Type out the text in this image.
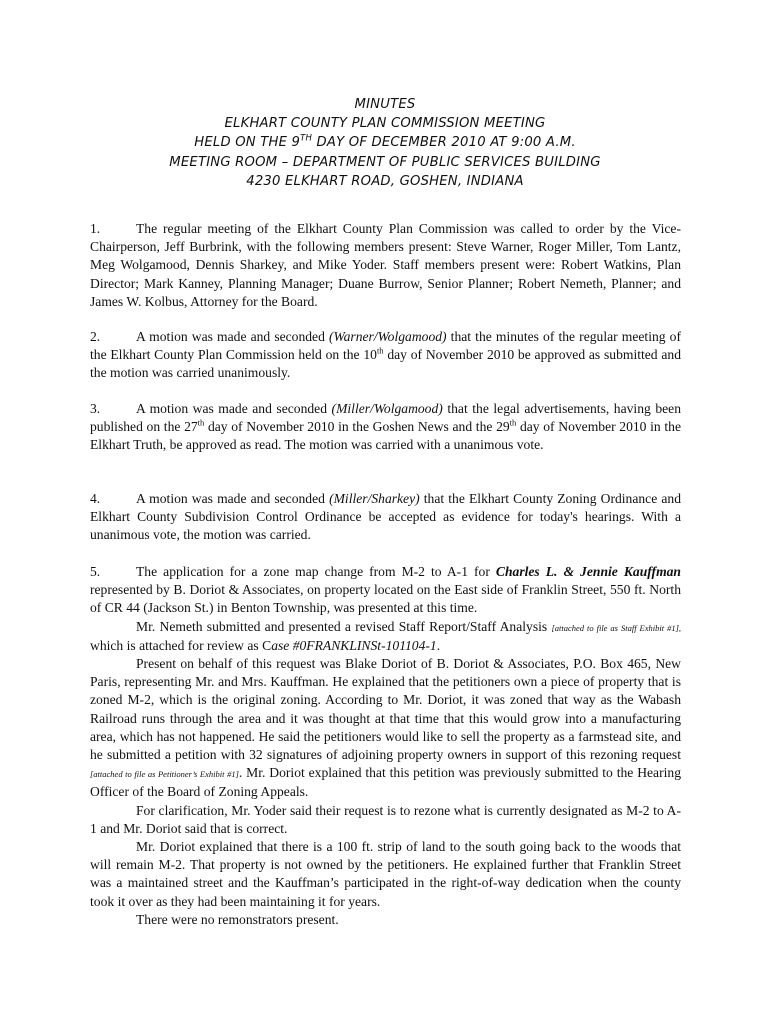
MINUTES
ELKHART COUNTY PLAN COMMISSION MEETING
HELD ON THE 9TH DAY OF DECEMBER 2010 AT 9:00 A.M.
MEETING ROOM – DEPARTMENT OF PUBLIC SERVICES BUILDING
4230 ELKHART ROAD, GOSHEN, INDIANA

1.	The regular meeting of the Elkhart County Plan Commission was called to order by the Vice-Chairperson, Jeff Burbrink, with the following members present: Steve Warner, Roger Miller, Tom Lantz, Meg Wolgamood, Dennis Sharkey, and Mike Yoder. Staff members present were: Robert Watkins, Plan Director; Mark Kanney, Planning Manager; Duane Burrow, Senior Planner; Robert Nemeth, Planner; and James W. Kolbus, Attorney for the Board.

2.	A motion was made and seconded (Warner/Wolgamood) that the minutes of the regular meeting of the Elkhart County Plan Commission held on the 10th day of November 2010 be approved as submitted and the motion was carried unanimously.

3.	A motion was made and seconded (Miller/Wolgamood) that the legal advertisements, having been published on the 27th day of November 2010 in the Goshen News and the 29th day of November 2010 in the Elkhart Truth, be approved as read. The motion was carried with a unanimous vote.

4.	A motion was made and seconded (Miller/Sharkey) that the Elkhart County Zoning Ordinance and Elkhart County Subdivision Control Ordinance be accepted as evidence for today's hearings. With a unanimous vote, the motion was carried.

5.	The application for a zone map change from M-2 to A-1 for Charles L. & Jennie Kauffman represented by B. Doriot & Associates, on property located on the East side of Franklin Street, 550 ft. North of CR 44 (Jackson St.) in Benton Township, was presented at this time.

Mr. Nemeth submitted and presented a revised Staff Report/Staff Analysis [attached to file as Staff Exhibit #1], which is attached for review as Case #0FRANKLINSt-101104-1.

Present on behalf of this request was Blake Doriot of B. Doriot & Associates, P.O. Box 465, New Paris, representing Mr. and Mrs. Kauffman. He explained that the petitioners own a piece of property that is zoned M-2, which is the original zoning. According to Mr. Doriot, it was zoned that way as the Wabash Railroad runs through the area and it was thought at that time that this would grow into a manufacturing area, which has not happened. He said the petitioners would like to sell the property as a farmstead site, and he submitted a petition with 32 signatures of adjoining property owners in support of this rezoning request [attached to file as Petitioner’s Exhibit #1]. Mr. Doriot explained that this petition was previously submitted to the Hearing Officer of the Board of Zoning Appeals.

For clarification, Mr. Yoder said their request is to rezone what is currently designated as M-2 to A-1 and Mr. Doriot said that is correct.

Mr. Doriot explained that there is a 100 ft. strip of land to the south going back to the woods that will remain M-2. That property is not owned by the petitioners. He explained further that Franklin Street was a maintained street and the Kauffman’s participated in the right-of-way dedication when the county took it over as they had been maintaining it for years.

There were no remonstrators present.
